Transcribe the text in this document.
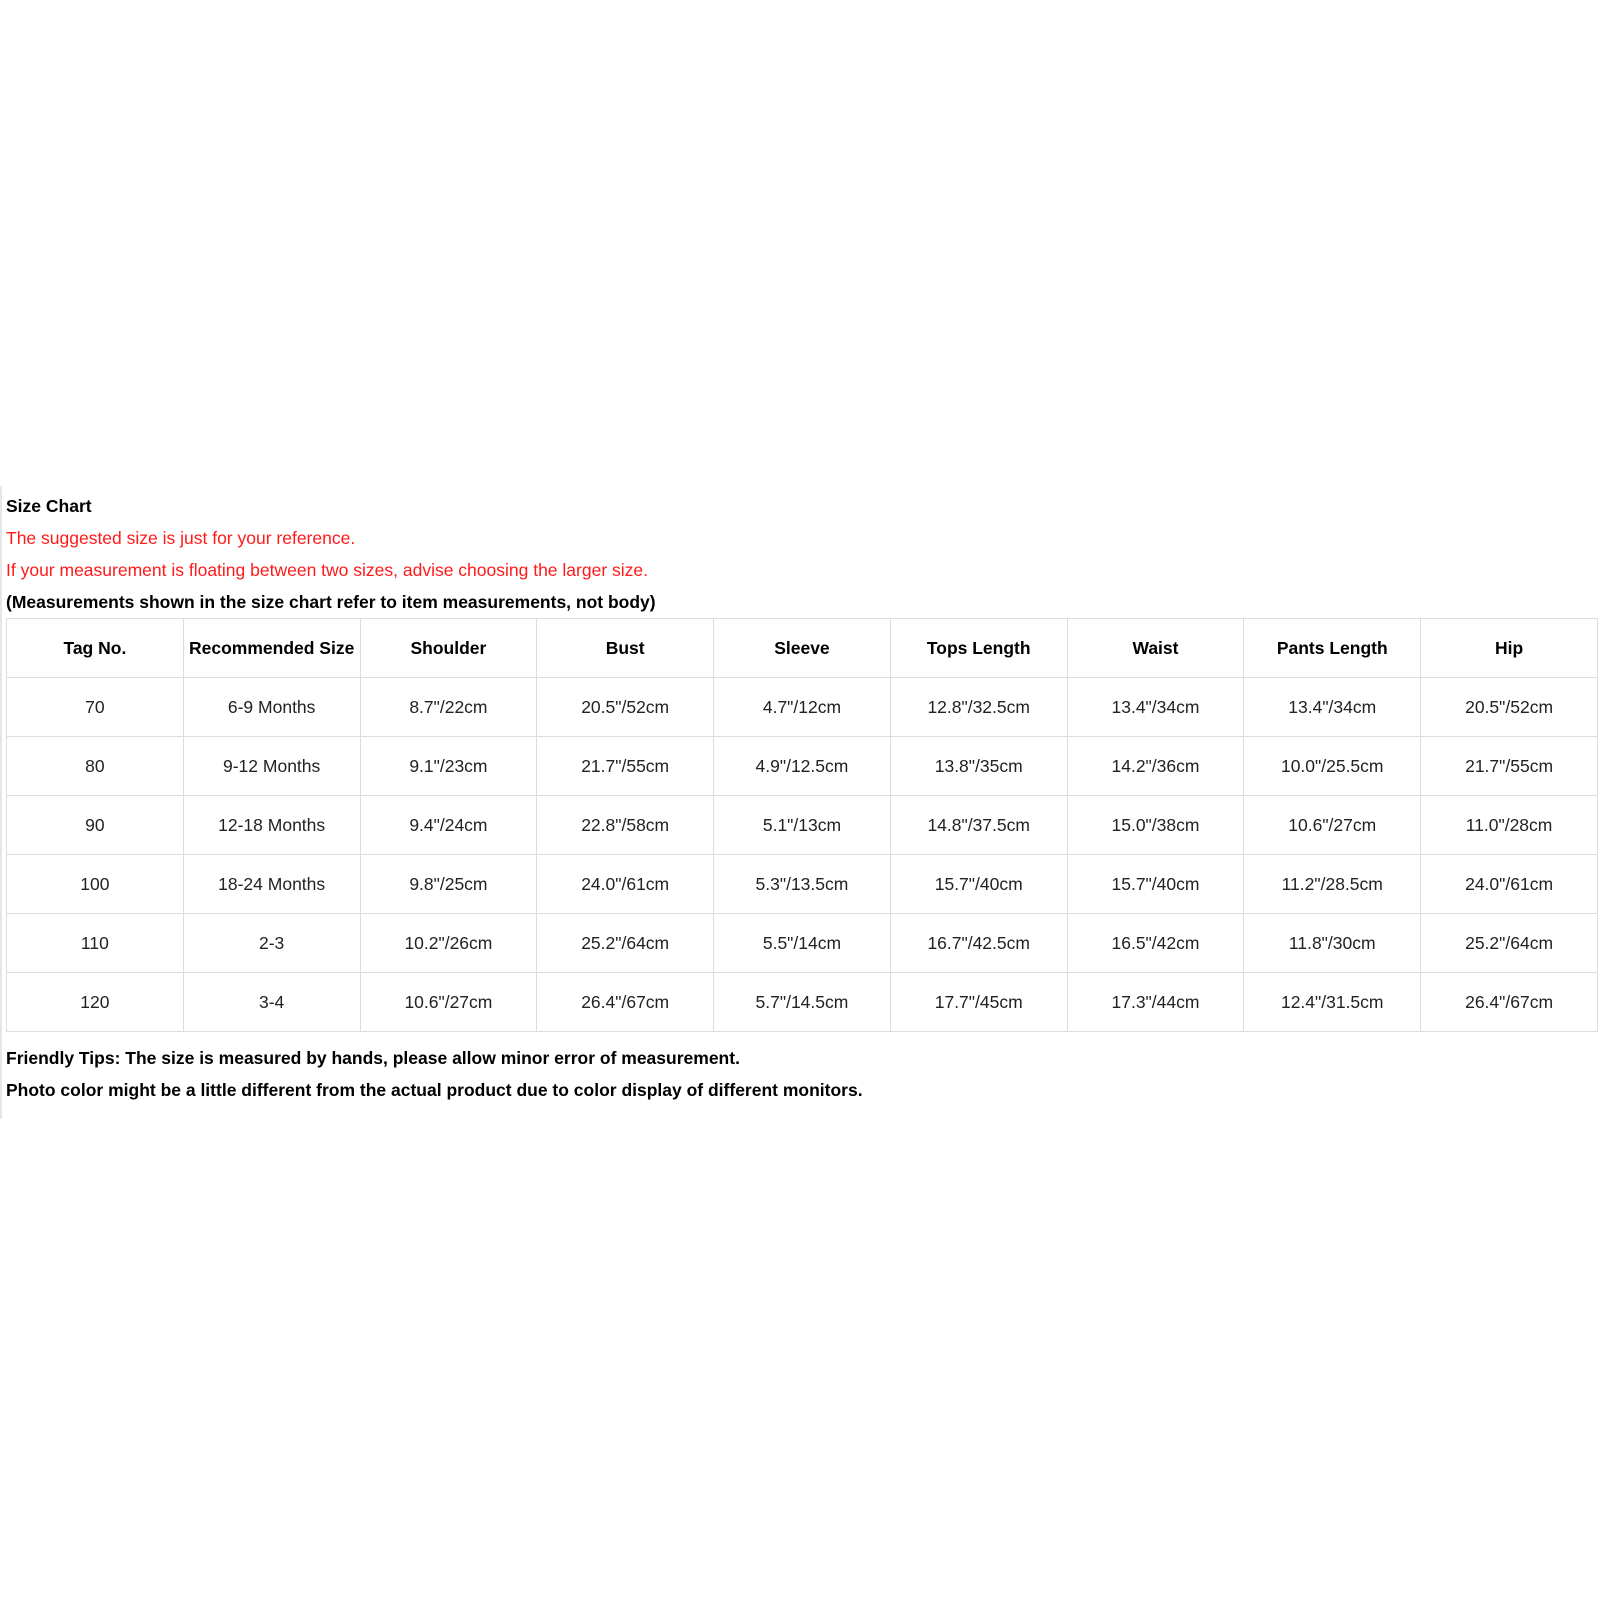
Size Chart
The suggested size is just for your reference.
If your measurement is floating between two sizes, advise choosing the larger size.
(Measurements shown in the size chart refer to item measurements, not body)
Tag No.	Recommended Size	Shoulder	Bust	Sleeve	Tops Length	Waist	Pants Length	Hip
70	6-9 Months	8.7"/22cm	20.5"/52cm	4.7"/12cm	12.8"/32.5cm	13.4"/34cm	13.4"/34cm	20.5"/52cm
80	9-12 Months	9.1"/23cm	21.7"/55cm	4.9"/12.5cm	13.8"/35cm	14.2"/36cm	10.0"/25.5cm	21.7"/55cm
90	12-18 Months	9.4"/24cm	22.8"/58cm	5.1"/13cm	14.8"/37.5cm	15.0"/38cm	10.6"/27cm	11.0"/28cm
100	18-24 Months	9.8"/25cm	24.0"/61cm	5.3"/13.5cm	15.7"/40cm	15.7"/40cm	11.2"/28.5cm	24.0"/61cm
110	2-3	10.2"/26cm	25.2"/64cm	5.5"/14cm	16.7"/42.5cm	16.5"/42cm	11.8"/30cm	25.2"/64cm
120	3-4	10.6"/27cm	26.4"/67cm	5.7"/14.5cm	17.7"/45cm	17.3"/44cm	12.4"/31.5cm	26.4"/67cm
Friendly Tips: The size is measured by hands, please allow minor error of measurement.
Photo color might be a little different from the actual product due to color display of different monitors.
